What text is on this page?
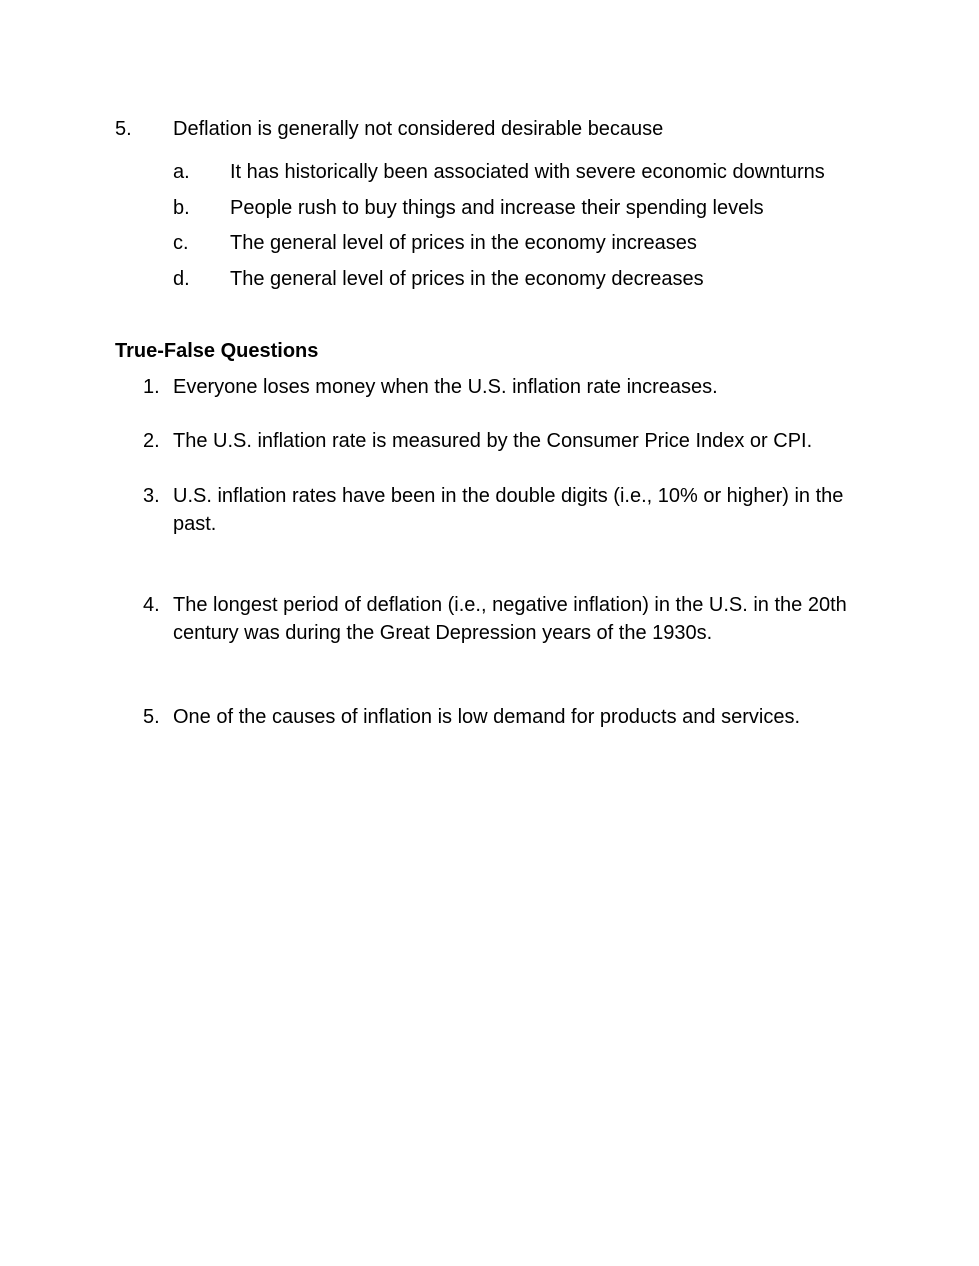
5. Deflation is generally not considered desirable because
a. It has historically been associated with severe economic downturns
b. People rush to buy things and increase their spending levels
c. The general level of prices in the economy increases
d. The general level of prices in the economy decreases
True-False Questions
1. Everyone loses money when the U.S. inflation rate increases.
2. The U.S. inflation rate is measured by the Consumer Price Index or CPI.
3. U.S. inflation rates have been in the double digits (i.e., 10% or higher) in the past.
4. The longest period of deflation (i.e., negative inflation) in the U.S. in the 20th century was during the Great Depression years of the 1930s.
5. One of the causes of inflation is low demand for products and services.
